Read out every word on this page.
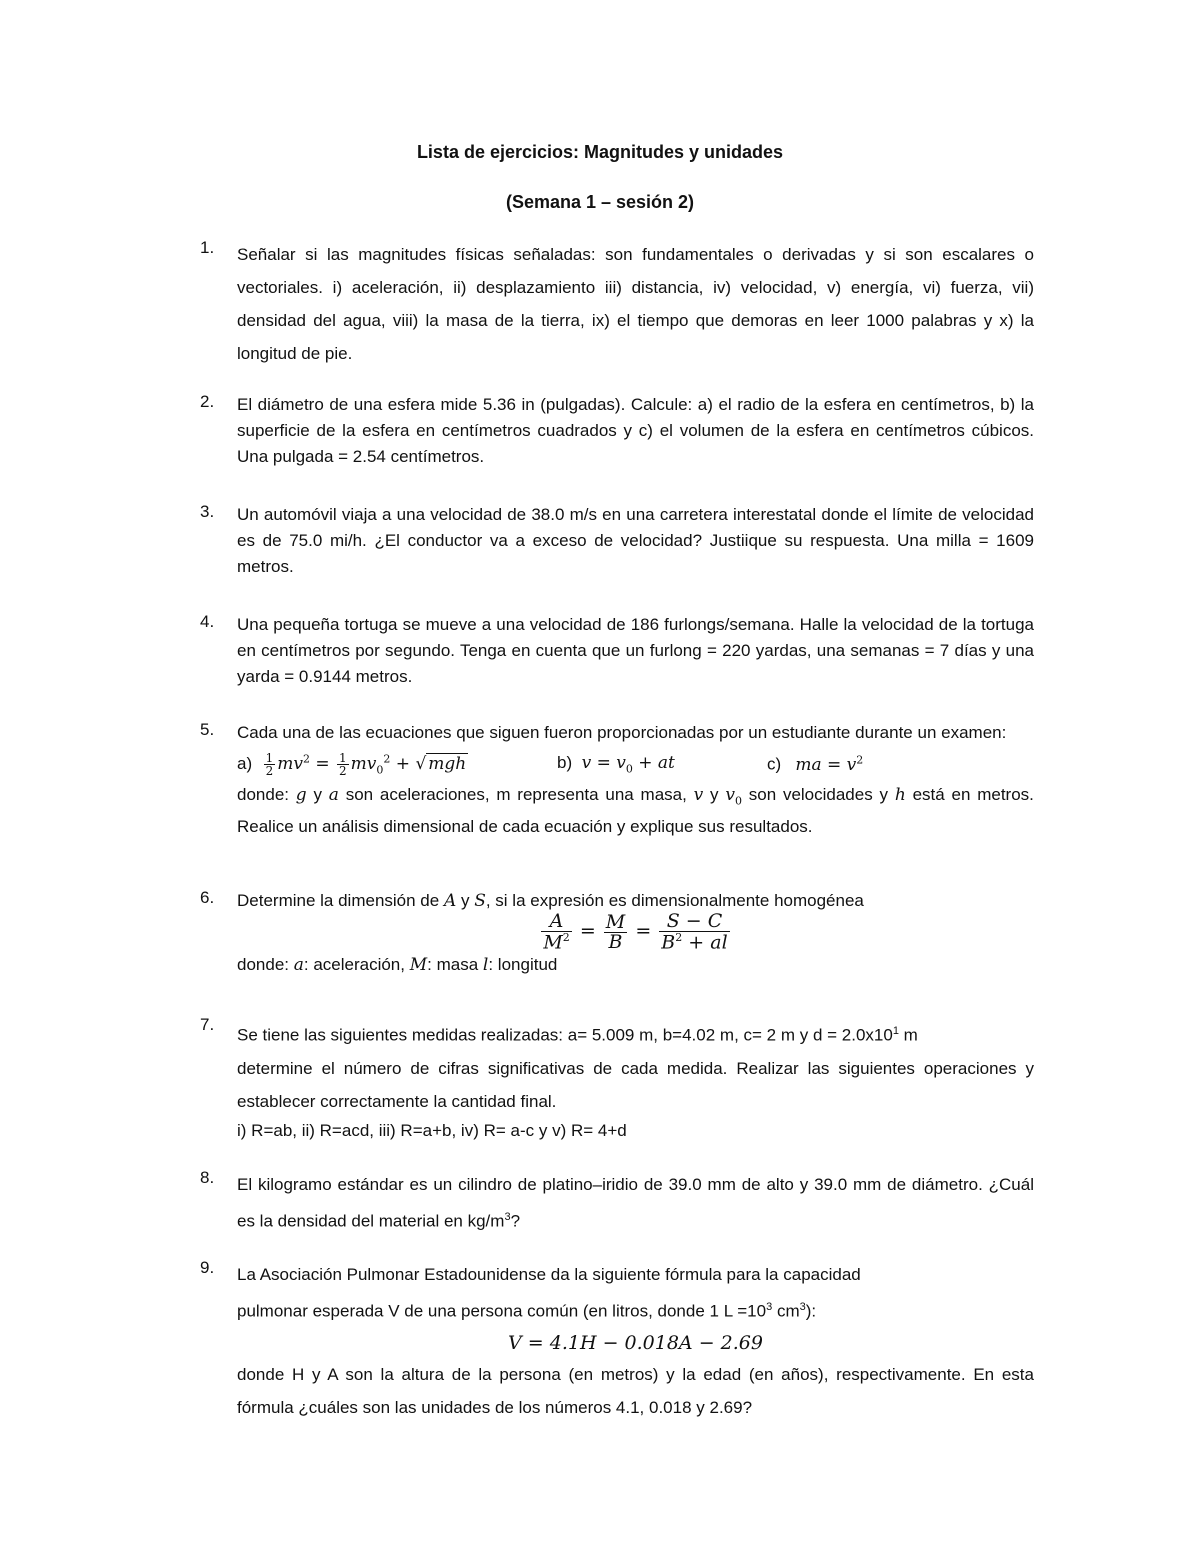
Lista de ejercicios: Magnitudes y unidades
(Semana 1 – sesión 2)
1.	Señalar si las magnitudes físicas señaladas: son fundamentales o derivadas y si son escalares o vectoriales. i) aceleración, ii) desplazamiento iii) distancia, iv) velocidad, v) energía, vi) fuerza, vii) densidad del agua, viii) la masa de la tierra, ix) el tiempo que demoras en leer 1000 palabras y x) la longitud de pie.

2.	El diámetro de una esfera mide 5.36 in (pulgadas). Calcule: a) el radio de la esfera en centímetros, b) la superficie de la esfera en centímetros cuadrados y c) el volumen de la esfera en centímetros cúbicos. Una pulgada = 2.54 centímetros.

3.	Un automóvil viaja a una velocidad de 38.0 m/s en una carretera interestatal donde el límite de velocidad es de 75.0 mi/h. ¿El conductor va a exceso de velocidad? Justiique su respuesta. Una milla = 1609 metros.

4.	Una pequeña tortuga se mueve a una velocidad de 186 furlongs/semana. Halle la velocidad de la tortuga en centímetros por segundo. Tenga en cuenta que un furlong = 220 yardas, una semanas = 7 días y una yarda = 0.9144 metros.

5.	Cada una de las ecuaciones que siguen fueron proporcionadas por un estudiante durante un examen:

$a) \frac{1}{2} mv^2 = \frac{1}{2} mv_0^2$ + √ mgh	b) $v = v_0$ + at	c) ma = $v^2$

donde: g y a son aceleraciones, m representa una masa, v y $v_0$ son velocidades y h está en metros. Realice un análisis dimensional de cada ecuación y explique sus resultados.

6.	Determine la dimensión de A y S, si la expresión es dimensionalmente homogénea

$\frac{A}{M^2} = \frac{M}{B} = \frac{S - C}{B^2 + al}$

donde: a: aceleración, M: masa l: longitud

7.

Se tiene las siguientes medidas realizadas: a= 5.009 m, b=4.02 m, c= 2 m y $d = 2.0x10^1$ m

determine el número de cifras significativas de cada medida. Realizar las siguientes operaciones y establecer correctamente la cantidad final.

i) R=ab, ii) R=acd, iii) R=a+b, iv) R= a-c y v) R= 4+d

8.	El kilogramo estándar es un cilindro de platino–iridio de 39.0 mm de alto y 39.0 mm de diámetro. ¿Cuál es la densidad del material en $kg/m^3$?

9.	La Asociación Pulmonar Estadounidense da la siguiente fórmula para la capacidad

pulmonar esperada V de una persona común (en litros, donde 1 $L =10^3$ $cm^3$):

V = 4.1H − 0.018A − 2.69

donde H y A son la altura de la persona (en metros) y la edad (en años), respectivamente. En esta fórmula ¿cuáles son las unidades de los números 4.1, 0.018 y 2.69?
